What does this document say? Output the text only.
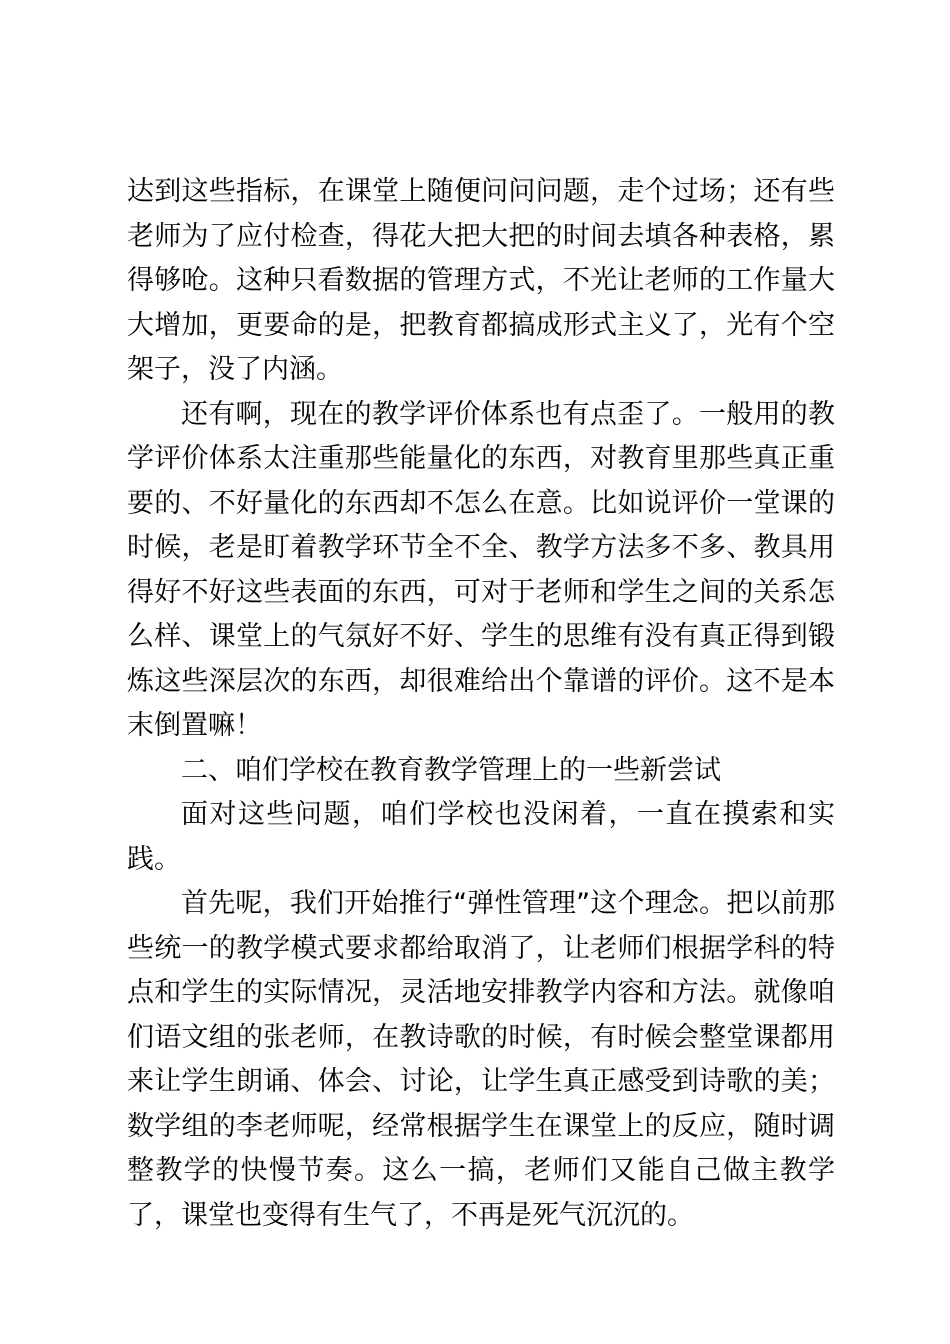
达到这些指标，在课堂上随便问问问题，走个过场；还有些老师为了应付检查，得花大把大把的时间去填各种表格，累得够呛。这种只看数据的管理方式，不光让老师的工作量大大增加，更要命的是，把教育都搞成形式主义了，光有个空架子，没了内涵。

还有啊，现在的教学评价体系也有点歪了。一般用的教学评价体系太注重那些能量化的东西，对教育里那些真正重要的、不好量化的东西却不怎么在意。比如说评价一堂课的时候，老是盯着教学环节全不全、教学方法多不多、教具用得好不好这些表面的东西，可对于老师和学生之间的关系怎么样、课堂上的气氛好不好、学生的思维有没有真正得到锻炼这些深层次的东西，却很难给出个靠谱的评价。这不是本末倒置嘛！

二、咱们学校在教育教学管理上的一些新尝试

面对这些问题，咱们学校也没闲着，一直在摸索和实践。

首先呢，我们开始推行“弹性管理”这个理念。把以前那些统一的教学模式要求都给取消了，让老师们根据学科的特点和学生的实际情况，灵活地安排教学内容和方法。就像咱们语文组的张老师，在教诗歌的时候，有时候会整堂课都用来让学生朗诵、体会、讨论，让学生真正感受到诗歌的美；数学组的李老师呢，经常根据学生在课堂上的反应，随时调整教学的快慢节奏。这么一搞，老师们又能自己做主教学了，课堂也变得有生气了，不再是死气沉沉的。
